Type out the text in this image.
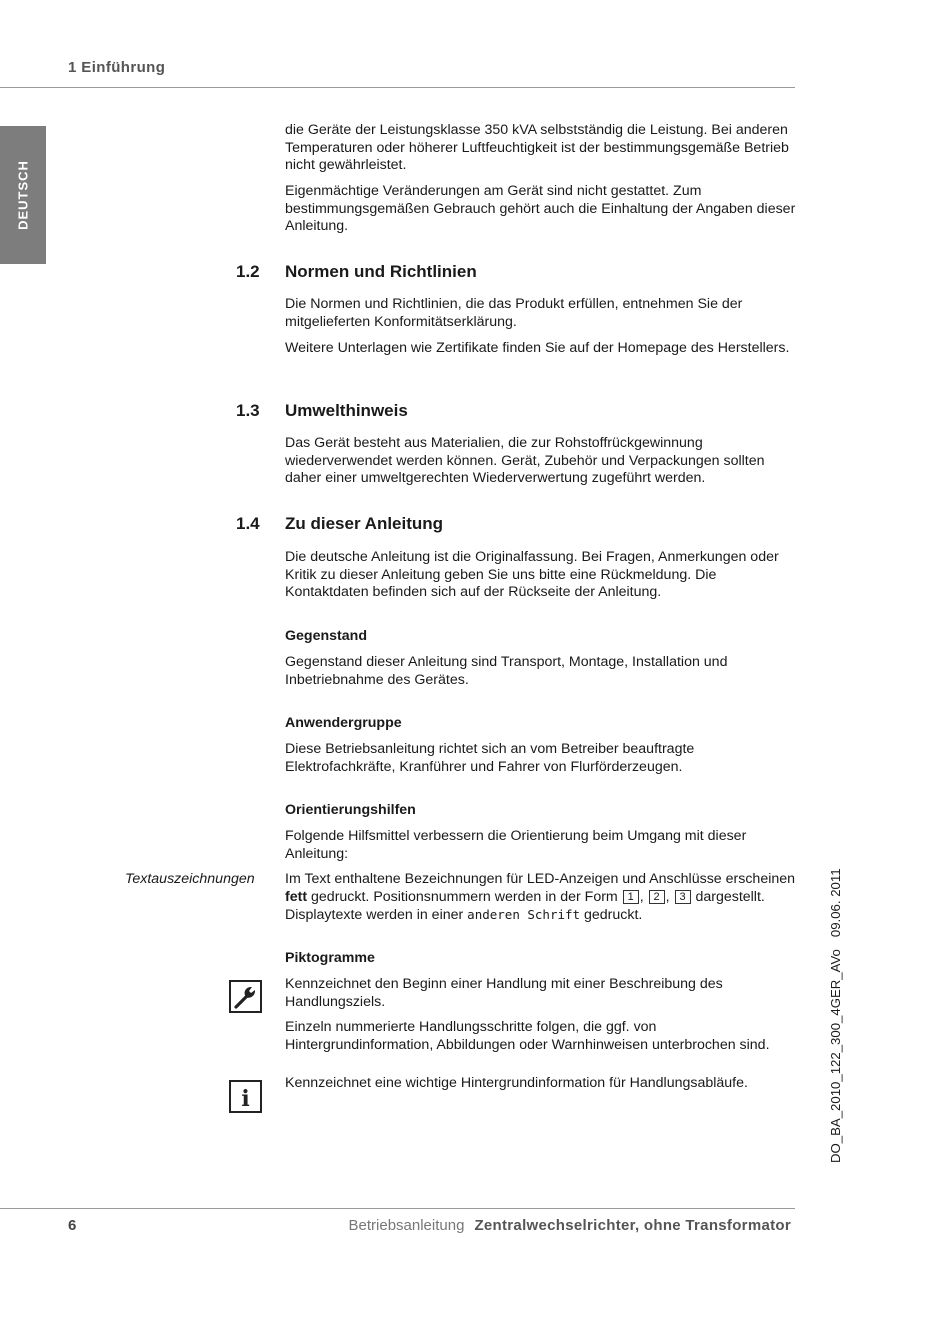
1 Einführung
DEUTSCH

die Geräte der Leistungsklasse 350 kVA selbstständig die Leistung. Bei anderen Temperaturen oder höherer Luftfeuchtigkeit ist der bestimmungsgemäße Betrieb nicht gewährleistet.

Eigenmächtige Veränderungen am Gerät sind nicht gestattet. Zum bestimmungsgemäßen Gebrauch gehört auch die Einhaltung der Angaben dieser Anleitung.

1.2 Normen und Richtlinien

Die Normen und Richtlinien, die das Produkt erfüllen, entnehmen Sie der mitgelieferten Konformitätserklärung.

Weitere Unterlagen wie Zertifikate finden Sie auf der Homepage des Herstellers.

1.3 Umwelthinweis

Das Gerät besteht aus Materialien, die zur Rohstoffrückgewinnung wiederverwendet werden können. Gerät, Zubehör und Verpackungen sollten daher einer umweltgerechten Wiederverwertung zugeführt werden.

1.4 Zu dieser Anleitung

Die deutsche Anleitung ist die Originalfassung. Bei Fragen, Anmerkungen oder Kritik zu dieser Anleitung geben Sie uns bitte eine Rückmeldung. Die Kontaktdaten befinden sich auf der Rückseite der Anleitung.

Gegenstand

Gegenstand dieser Anleitung sind Transport, Montage, Installation und Inbetriebnahme des Gerätes.

Anwendergruppe

Diese Betriebsanleitung richtet sich an vom Betreiber beauftragte Elektrofachkräfte, Kranführer und Fahrer von Flurförderzeugen.

Orientierungshilfen

Folgende Hilfsmittel verbessern die Orientierung beim Umgang mit dieser Anleitung:

Textauszeichnungen Im Text enthaltene Bezeichnungen für LED-Anzeigen und Anschlüsse erscheinen fett gedruckt. Positionsnummern werden in der Form 1 , 2 , 3 dargestellt. Displaytexte werden in einer anderen Schrift gedruckt.

Piktogramme

Kennzeichnet den Beginn einer Handlung mit einer Beschreibung des Handlungsziels.

Einzeln nummerierte Handlungsschritte folgen, die ggf. von Hintergrundinformation, Abbildungen oder Warnhinweisen unterbrochen sind.

i

Kennzeichnet eine wichtige Hintergrundinformation für Handlungsabläufe.	DO_BA_2010_122_300_4GER_AVo09.06. 2011
6	Betriebsanleitung Zentralwechselrichter, ohne Transformator
